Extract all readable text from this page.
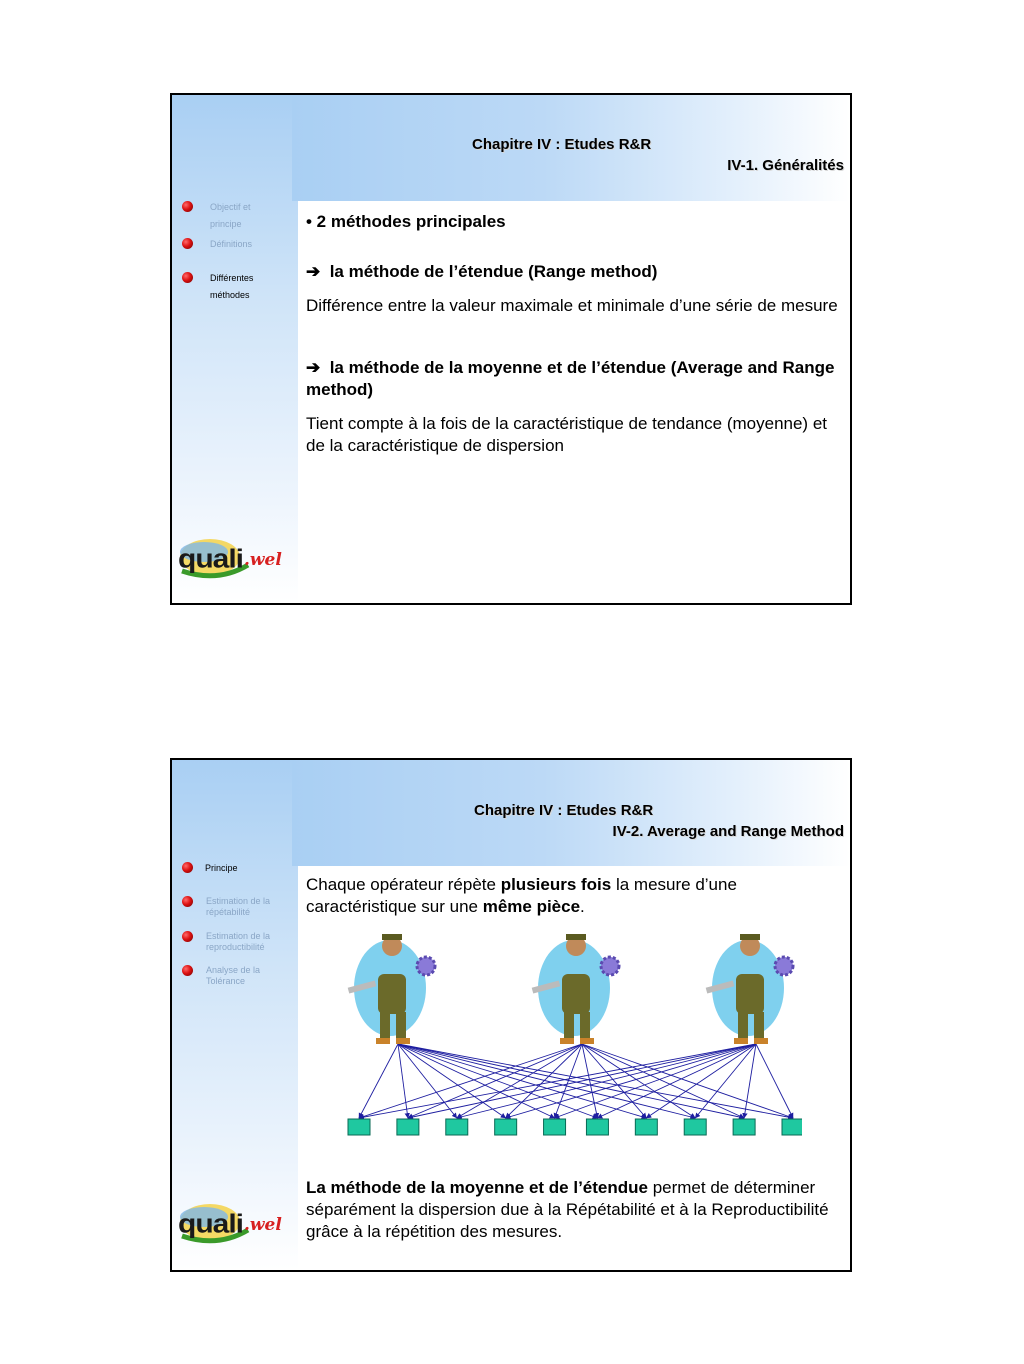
Chapitre IV : Etudes R&R
IV-1. Généralités
Objectif et principe
Définitions
Différentes méthodes

• 2 méthodes principales

➔ la méthode de l’étendue (Range method)

Différence entre la valeur maximale et minimale d’une série de mesure

➔ la méthode de la moyenne et de l’étendue (Average and Range method)

Tient compte à la fois de la caractéristique de tendance (moyenne) et de la caractéristique de dispersion

quali .wel
Chapitre IV : Etudes R&R
IV-2. Average and Range Method
Principe
Estimation de la répétabilité
Estimation de la reproductibilité
Analyse de la Tolérance

Chaque opérateur répète plusieurs fois la mesure d’une caractéristique sur une même pièce.

La méthode de la moyenne et de l’étendue permet de déterminer séparément la dispersion due à la Répétabilité et à la Reproductibilité grâce à la répétition des mesures.

quali .wel
